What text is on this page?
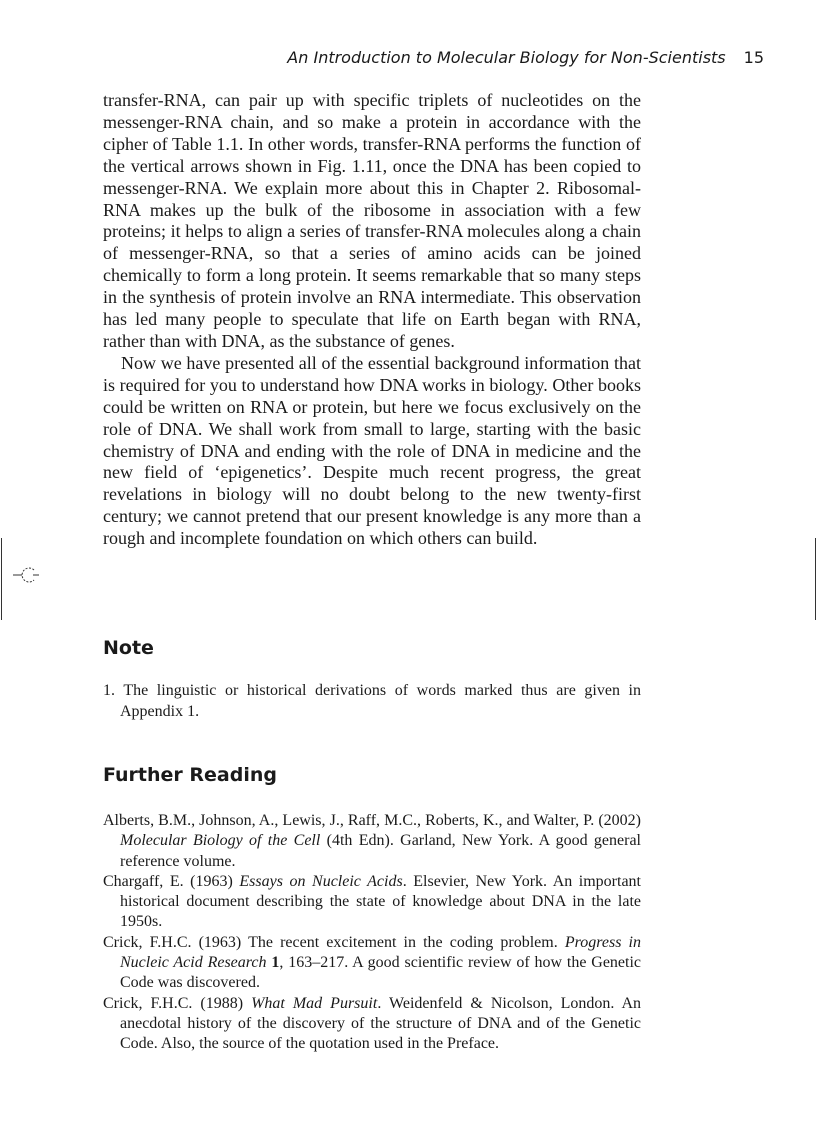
An Introduction to Molecular Biology for Non-Scientists 15

transfer-RNA, can pair up with specific triplets of nucleotides on the messenger-RNA chain, and so make a protein in accordance with the cipher of Table 1.1. In other words, transfer-RNA performs the function of the vertical arrows shown in Fig. 1.11, once the DNA has been copied to messenger-RNA. We explain more about this in Chapter 2. Ribosomal-RNA makes up the bulk of the ribosome in association with a few proteins; it helps to align a series of transfer-RNA molecules along a chain of messenger-RNA, so that a series of amino acids can be joined chemically to form a long protein. It seems remarkable that so many steps in the synthesis of protein involve an RNA intermediate. This observation has led many people to speculate that life on Earth began with RNA, rather than with DNA, as the substance of genes.

Now we have presented all of the essential background information that is required for you to understand how DNA works in biology. Other books could be written on RNA or protein, but here we focus exclusively on the role of DNA. We shall work from small to large, starting with the basic chemistry of DNA and ending with the role of DNA in medicine and the new field of ‘epigenetics’. Despite much recent progress, the great revelations in biology will no doubt belong to the new twenty-first century; we cannot pretend that our present knowledge is any more than a rough and incomplete foundation on which others can build.

Note

1. The linguistic or historical derivations of words marked thus are given in Appendix 1.

Further Reading

Alberts, B.M., Johnson, A., Lewis, J., Raff, M.C., Roberts, K., and Walter, P. (2002) Molecular Biology of the Cell (4th Edn). Garland, New York. A good general reference volume.

Chargaff, E. (1963) Essays on Nucleic Acids. Elsevier, New York. An important historical document describing the state of knowledge about DNA in the late 1950s.

Crick, F.H.C. (1963) The recent excitement in the coding problem. Progress in Nucleic Acid Research 1, 163–217. A good scientific review of how the Genetic Code was discovered.

Crick, F.H.C. (1988) What Mad Pursuit. Weidenfeld & Nicolson, London. An anecdotal history of the discovery of the structure of DNA and of the Genetic Code. Also, the source of the quotation used in the Preface.
